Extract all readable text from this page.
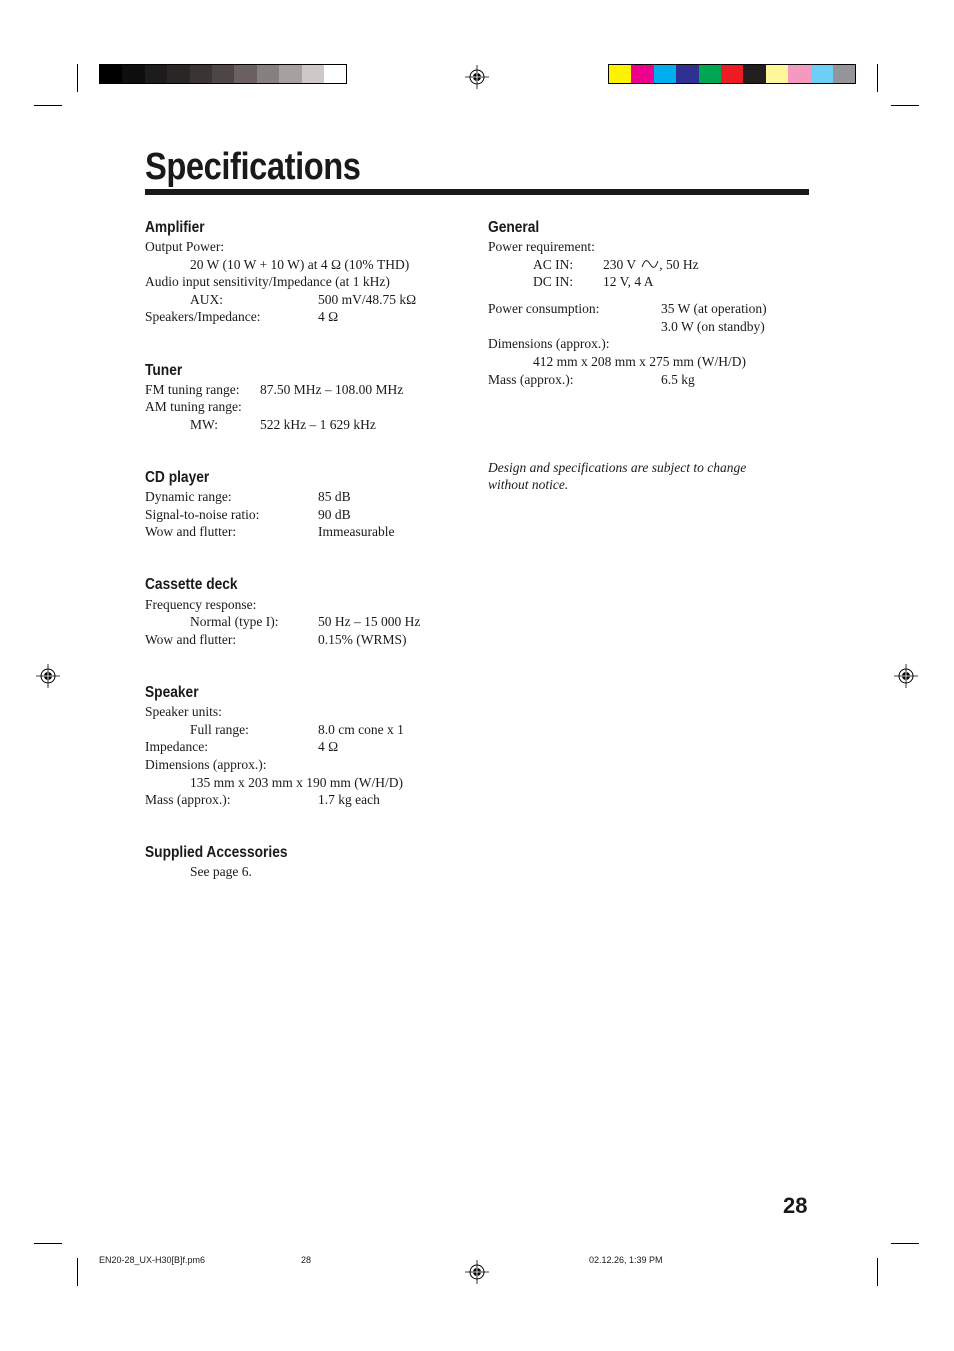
Specifications
Amplifier
Output Power:
20 W (10 W + 10 W) at 4 Ω (10% THD)
Audio input sensitivity/Impedance (at 1 kHz)
AUX:	500 mV/48.75 kΩ
Speakers/Impedance:	4 Ω
Tuner
FM tuning range: 87.50 MHz – 108.00 MHz
AM tuning range:
MW:	522 kHz – 1 629 kHz
CD player
Dynamic range:	85 dB
Signal-to-noise ratio:	90 dB
Wow and flutter:	Immeasurable
Cassette deck
Frequency response:
Normal (type I):	50 Hz – 15 000 Hz
Wow and flutter:	0.15% (WRMS)
Speaker
Speaker units:
Full range:	8.0 cm cone x 1
Impedance:	4 Ω
Dimensions (approx.):
135 mm x 203 mm x 190 mm (W/H/D)
Mass (approx.):	1.7 kg each
Supplied Accessories
See page 6.
General
Power requirement:
AC IN: 230 V , 50 Hz
DC IN: 12 V, 4 A
Power consumption:	35 W (at operation)
3.0 W (on standby)
Dimensions (approx.):
412 mm x 208 mm x 275 mm (W/H/D)
Mass (approx.):	6.5 kg
Design and specifications are subject to change
without notice.
28
EN20-28_UX-H30[B]f.pm6	28	02.12.26, 1:39 PM
